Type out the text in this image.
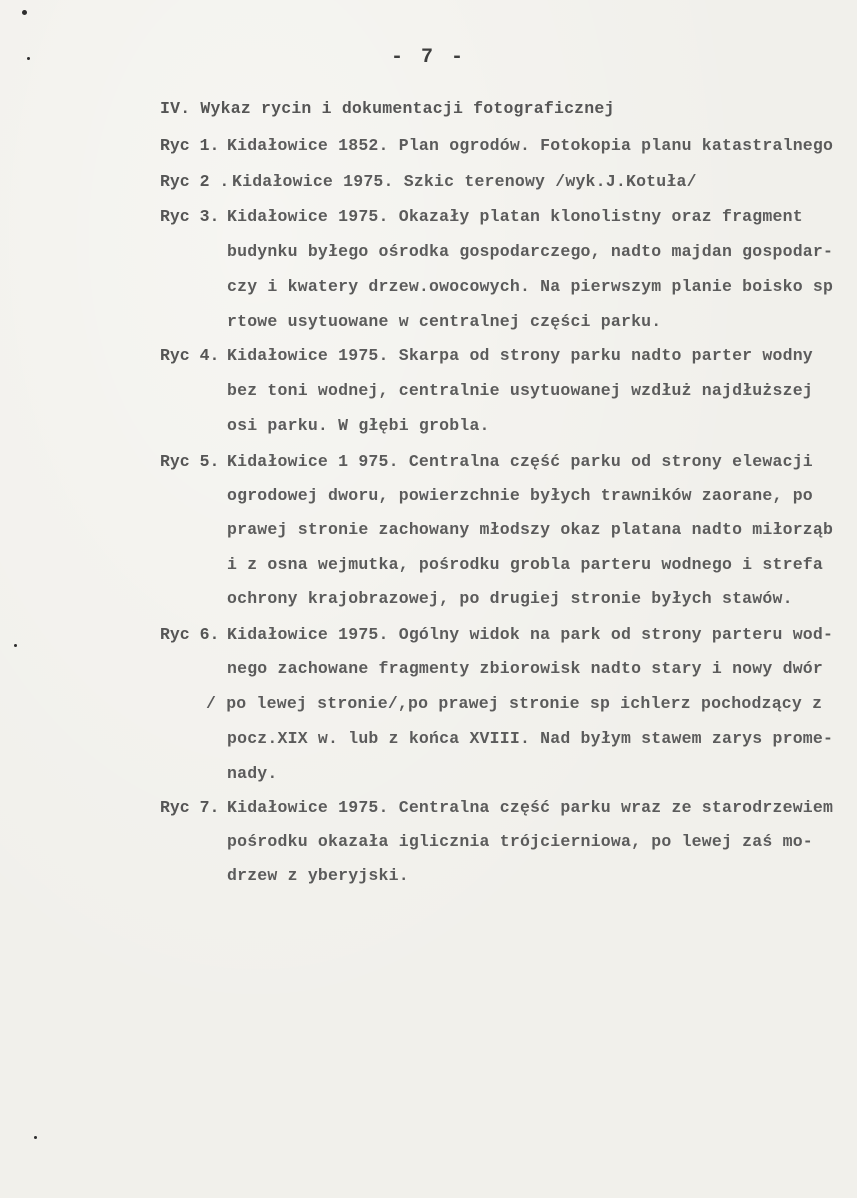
- 7 -
IV. Wykaz rycin i dokumentacji fotograficznej
Ryc 1. Kidałowice 1852. Plan ogrodów. Fotokopia planu katastralnego
Ryc 2 . Kidałowice 1975. Szkic terenowy /wyk.J.Kotuła/
Ryc 3. Kidałowice 1975. Okazały platan klonolistny oraz fragment
budynku byłego ośrodka gospodarczego, nadto majdan gospodar-
czy i kwatery drzew.owocowych. Na pierwszym planie boisko sp
rtowe usytuowane w centralnej części parku.
Ryc 4. Kidałowice 1975. Skarpa od strony parku nadto parter wodny
bez toni wodnej, centralnie usytuowanej wzdłuż najdłuższej
osi parku. W głębi grobla.
Ryc 5. Kidałowice 1 975. Centralna część parku od strony elewacji
ogrodowej dworu, powierzchnie byłych trawników zaorane, po
prawej stronie zachowany młodszy okaz platana nadto miłorząb
i z osna wejmutka, pośrodku grobla parteru wodnego i strefa
ochrony krajobrazowej, po drugiej stronie byłych stawów.
Ryc 6. Kidałowice 1975. Ogólny widok na park od strony parteru wod-
nego zachowane fragmenty zbiorowisk nadto stary i nowy dwór
/ po lewej stronie/,po prawej stronie sp ichlerz pochodzący z
pocz.XIX w. lub z końca XVIII. Nad byłym stawem zarys prome-
nady.
Ryc 7. Kidałowice 1975. Centralna część parku wraz ze starodrzewiem
pośrodku okazała iglicznia trójcierniowa, po lewej zaś mo-
drzew z yberyjski.
